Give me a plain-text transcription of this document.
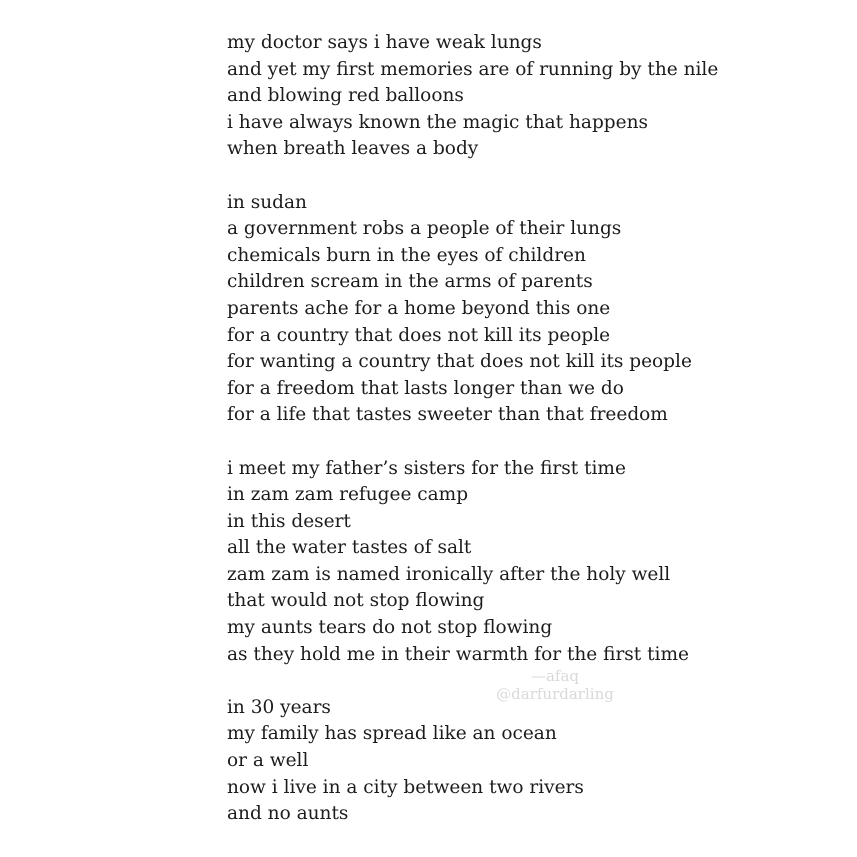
my doctor says i have weak lungs
and yet my first memories are of running by the nile
and blowing red balloons
i have always known the magic that happens
when breath leaves a body
in sudan
a government robs a people of their lungs
chemicals burn in the eyes of children
children scream in the arms of parents
parents ache for a home beyond this one
for a country that does not kill its people
for wanting a country that does not kill its people
for a freedom that lasts longer than we do
for a life that tastes sweeter than that freedom
i meet my father’s sisters for the first time
in zam zam refugee camp
in this desert
all the water tastes of salt
zam zam is named ironically after the holy well
that would not stop flowing
my aunts tears do not stop flowing
as they hold me in their warmth for the first time
in 30 years
my family has spread like an ocean
or a well
now i live in a city between two rivers
and no aunts
—afaq
@darfurdarling
